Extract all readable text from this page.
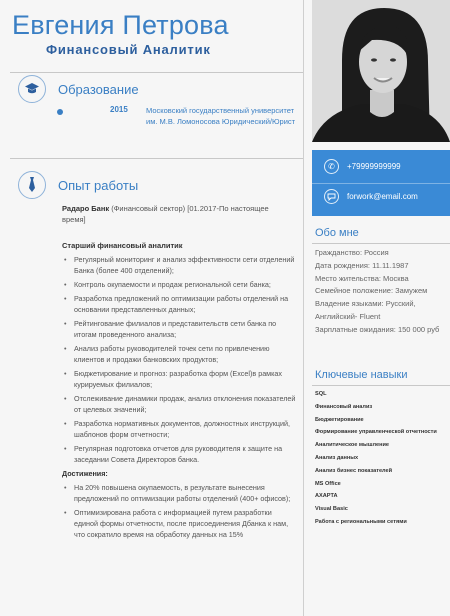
Евгения Петрова
Финансовый Аналитик
Образование
2015 Московский государственный университет им. М.В. Ломоносова Юридический/Юрист
Опыт работы
Радаро Банк (Финансовый сектор) [01.2017-По настоящее время]
Старший финансовый аналитик
• Регулярный мониторинг и анализ эффективности сети отделений Банка (более 400 отделений);
• Контроль окупаемости и продаж региональной сети банка;
• Разработка предложений по оптимизации работы отделений на основании представленных данных;
• Рейтингование филиалов и представительств сети банка по итогам проведенного анализа;
• Анализ работы руководителей точек сети по привлечению клиентов и продажи банковских продуктов;
• Бюджетирование и прогноз: разработка форм (Excel)в рамках курируемых филиалов;
• Отслеживание динамики продаж, анализ отклонения показателей от целевых значений;
• Разработка нормативных документов, должностных инструкций, шаблонов форм отчетности;
• Регулярная подготовка отчетов для руководителя к защите на заседании Совета Директоров банка.
Достижения:
• На 20% повышена окупаемость, в результате вынесения предложений по оптимизации работы отделений (400+ офисов);
• Оптимизирована работа с информацией путем разработки единой формы отчетности, после присоединения Дбанка к нам, что сократило время на обработку данных на 15%
✆	+79999999999
forwork@email.com
Обо мне
Гражданство: Россия
Дата рождения: 11.11.1987
Место жительства: Москва
Семейное положение: Замужем
Владение языками: Русский,
Английский- Fluent
Зарплатные ожидания: 150 000 руб
Ключевые навыки
SQL
Финансовый анализ
Бюджетирование
Формирование управленческой отчетности
Аналитическое мышление
Анализ данных
Анализ бизнес показателей
MS Office
AXAPTA
Visual Basic
Работа с региональными сетями
